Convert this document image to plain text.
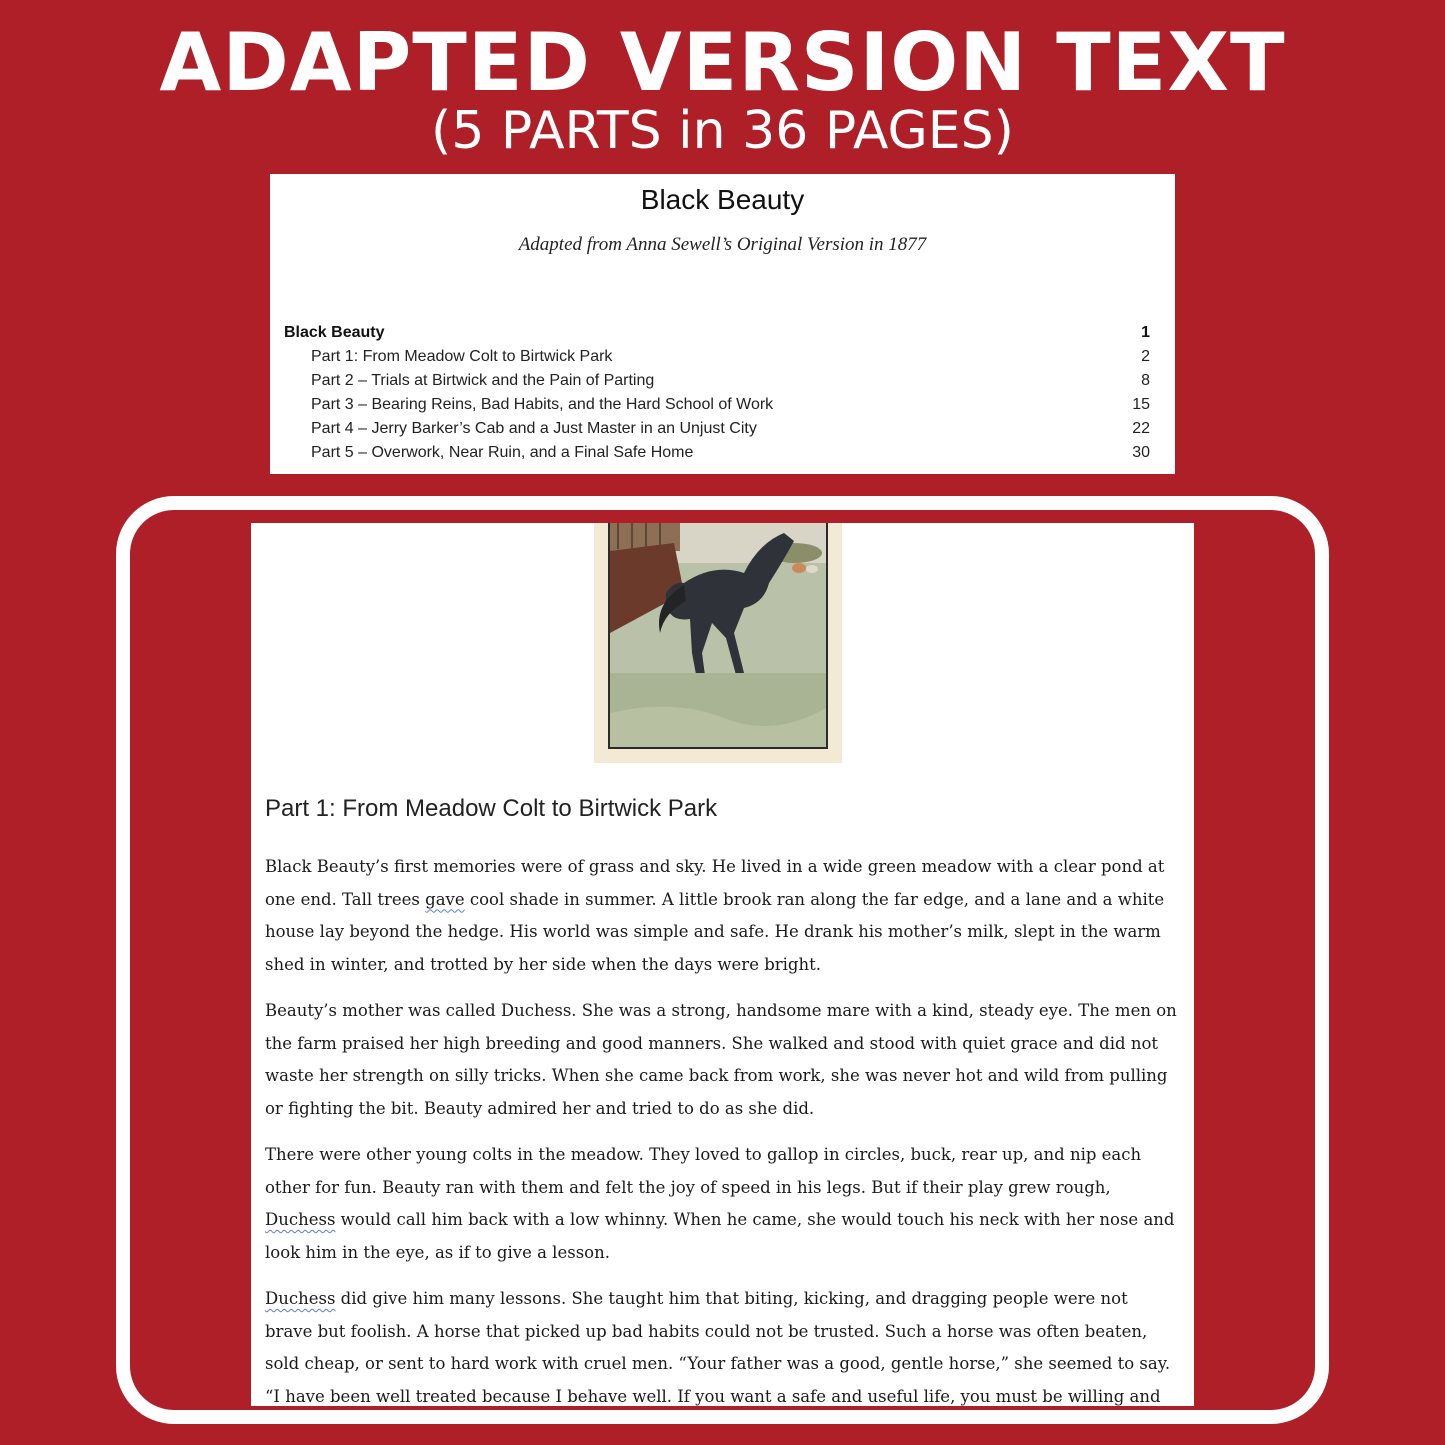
ADAPTED VERSION TEXT
(5 PARTS in 36 PAGES)
Black Beauty
Adapted from Anna Sewell’s Original Version in 1877
Black Beauty	1
Part 1: From Meadow Colt to Birtwick Park	2
Part 2 – Trials at Birtwick and the Pain of Parting	8
Part 3 – Bearing Reins, Bad Habits, and the Hard School of Work	15
Part 4 – Jerry Barker’s Cab and a Just Master in an Unjust City	22
Part 5 – Overwork, Near Ruin, and a Final Safe Home	30
Part 1: From Meadow Colt to Birtwick Park

Black Beauty’s first memories were of grass and sky. He lived in a wide green meadow with a clear pond at one end. Tall trees gave cool shade in summer. A little brook ran along the far edge, and a lane and a white house lay beyond the hedge. His world was simple and safe. He drank his mother’s milk, slept in the warm shed in winter, and trotted by her side when the days were bright.

Beauty’s mother was called Duchess. She was a strong, handsome mare with a kind, steady eye. The men on the farm praised her high breeding and good manners. She walked and stood with quiet grace and did not waste her strength on silly tricks. When she came back from work, she was never hot and wild from pulling or fighting the bit. Beauty admired her and tried to do as she did.

There were other young colts in the meadow. They loved to gallop in circles, buck, rear up, and nip each other for fun. Beauty ran with them and felt the joy of speed in his legs. But if their play grew rough, Duchess would call him back with a low whinny. When he came, she would touch his neck with her nose and look him in the eye, as if to give a lesson.

Duchess did give him many lessons. She taught him that biting, kicking, and dragging people were not brave but foolish. A horse that picked up bad habits could not be trusted. Such a horse was often beaten, sold cheap, or sent to hard work with cruel men. “Your father was a good, gentle horse,” she seemed to say. “I have been well treated because I behave well. If you want a safe and useful life, you must be willing and
